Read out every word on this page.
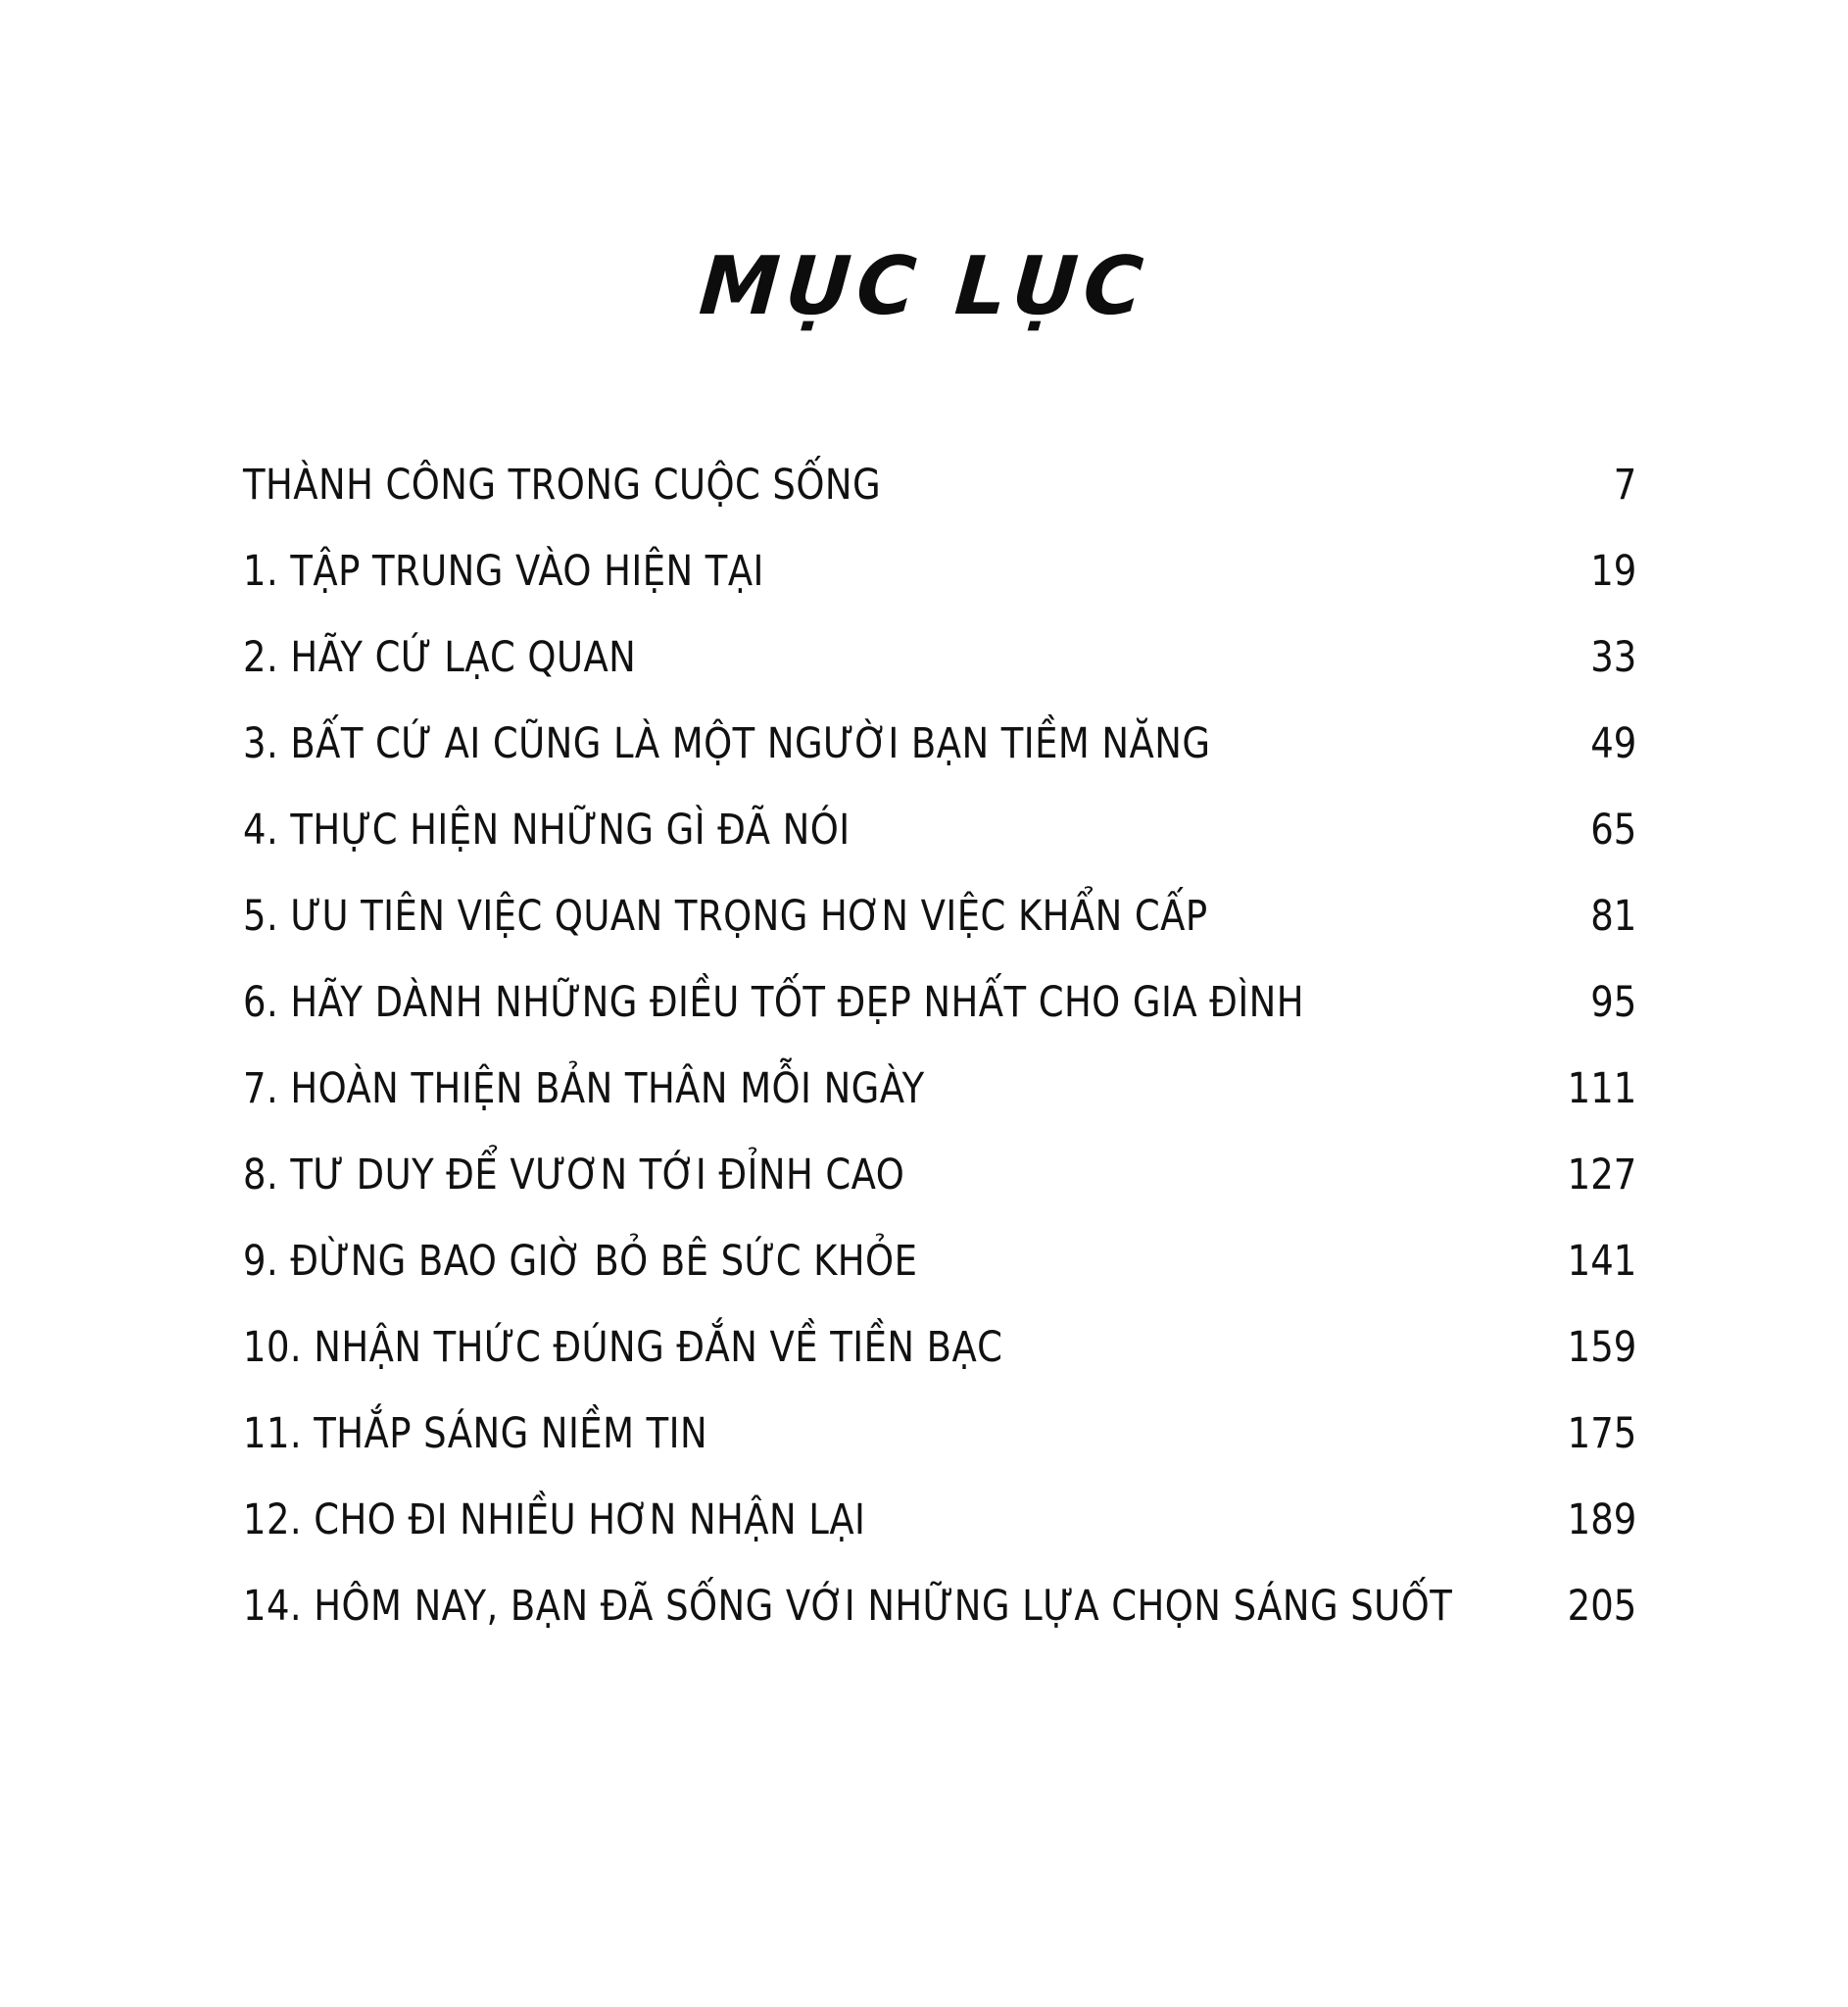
MỤC LỤC
THÀNH CÔNG TRONG CUỘC SỐNG	7
1. TẬP TRUNG VÀO HIỆN TẠI	19
2. HÃY CỨ LẠC QUAN	33
3. BẤT CỨ AI CŨNG LÀ MỘT NGƯỜI BẠN TIỀM NĂNG	49
4. THỰC HIỆN NHỮNG GÌ ĐÃ NÓI	65
5. ƯU TIÊN VIỆC QUAN TRỌNG HƠN VIỆC KHẨN CẤP	81
6. HÃY DÀNH NHỮNG ĐIỀU TỐT ĐẸP NHẤT CHO GIA ĐÌNH	95
7. HOÀN THIỆN BẢN THÂN MỖI NGÀY	111
8. TƯ DUY ĐỂ VƯƠN TỚI ĐỈNH CAO	127
9. ĐỪNG BAO GIỜ BỎ BÊ SỨC KHỎE	141
10. NHẬN THỨC ĐÚNG ĐẮN VỀ TIỀN BẠC	159
11. THẮP SÁNG NIỀM TIN	175
12. CHO ĐI NHIỀU HƠN NHẬN LẠI	189
14. HÔM NAY, BẠN ĐÃ SỐNG VỚI NHỮNG LỰA CHỌN SÁNG SUỐT	205
